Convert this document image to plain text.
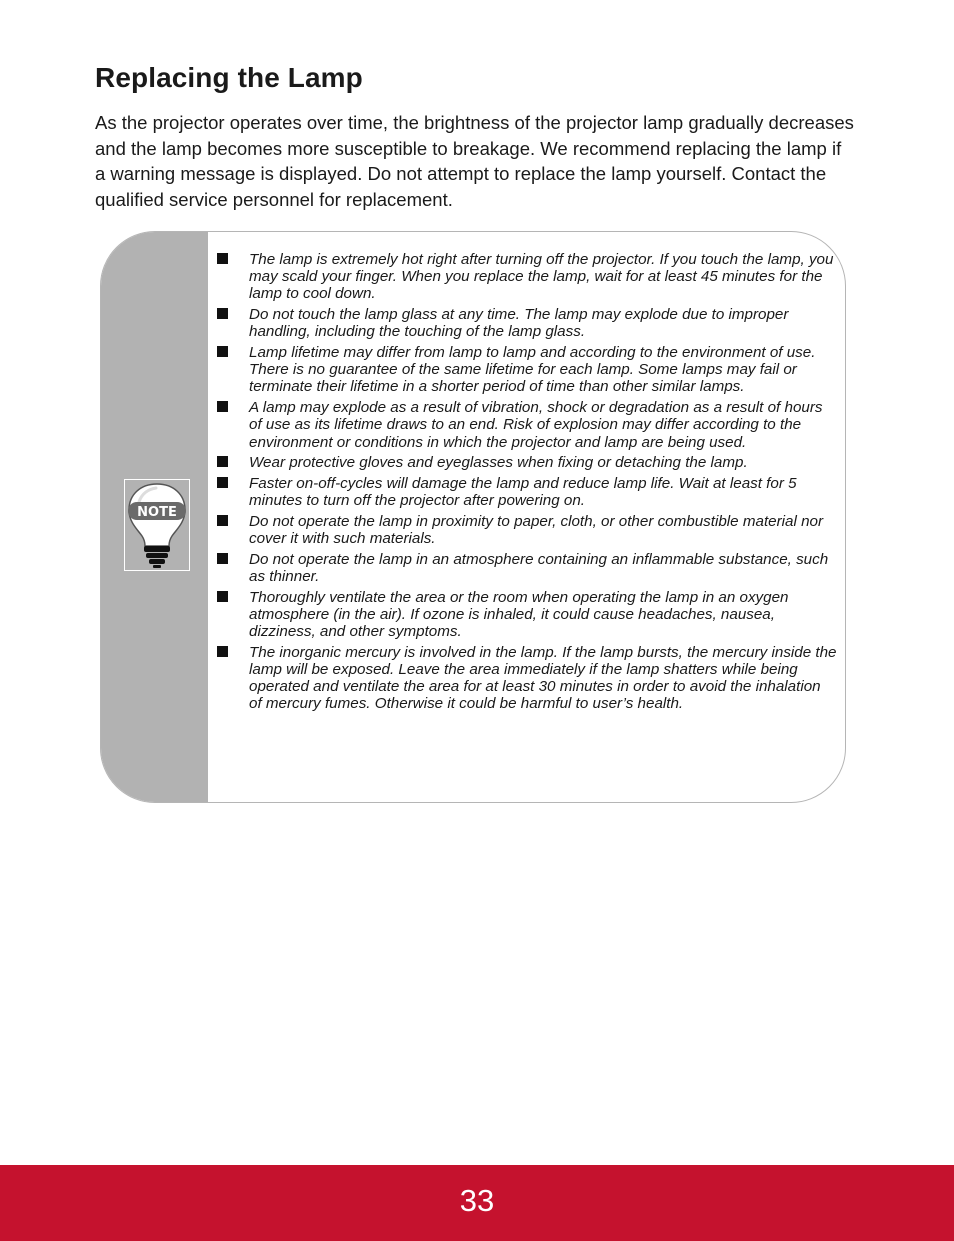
Replacing the Lamp

As the projector operates over time, the brightness of the projector lamp gradually decreases and the lamp becomes more susceptible to breakage. We recommend replacing the lamp if a warning message is displayed. Do not attempt to replace the lamp yourself. Contact the qualified service personnel for replacement.

NOTE
The lamp is extremely hot right after turning off the projector. If you touch the lamp, you may scald your finger. When you replace the lamp, wait for at least 45 minutes for the lamp to cool down.
Do not touch the lamp glass at any time. The lamp may explode due to improper handling, including the touching of the lamp glass.
Lamp lifetime may differ from lamp to lamp and according to the environment of use. There is no guarantee of the same lifetime for each lamp. Some lamps may fail or terminate their lifetime in a shorter period of time than other similar lamps.
A lamp may explode as a result of vibration, shock or degradation as a result of hours of use as its lifetime draws to an end. Risk of explosion may differ according to the environment or conditions in which the projector and lamp are being used.
Wear protective gloves and eyeglasses when fixing or detaching the lamp.
Faster on-off-cycles will damage the lamp and reduce lamp life. Wait at least for 5 minutes to turn off the projector after powering on.
Do not operate the lamp in proximity to paper, cloth, or other combustible material nor cover it with such materials.
Do not operate the lamp in an atmosphere containing an inflammable substance, such as thinner.
Thoroughly ventilate the area or the room when operating the lamp in an oxygen atmosphere (in the air). If ozone is inhaled, it could cause headaches, nausea, dizziness, and other symptoms.
The inorganic mercury is involved in the lamp. If the lamp bursts, the mercury inside the lamp will be exposed. Leave the area immediately if the lamp shatters while being operated and ventilate the area for at least 30 minutes in order to avoid the inhalation of mercury fumes. Otherwise it could be harmful to user’s health.
33
